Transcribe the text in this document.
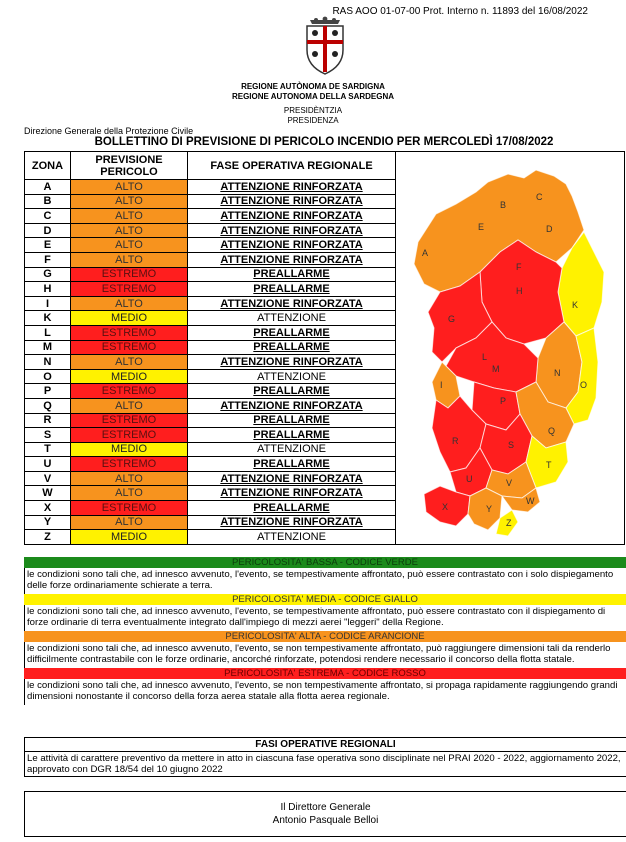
RAS AOO 01-07-00 Prot. Interno n. 11893 del 16/08/2022
REGIONE AUTÒNOMA DE SARDIGNA
REGIONE AUTONOMA DELLA SARDEGNA
PRESIDÈNTZIA
PRESIDENZA
Direzione Generale della Protezione Civile
BOLLETTINO DI PREVISIONE DI PERICOLO INCENDIO PER MERCOLEDÌ 17/08/2022
ZONA	PREVISIONE PERICOLO	FASE OPERATIVA REGIONALE
A	ALTO	ATTENZIONE RINFORZATA
B	ALTO	ATTENZIONE RINFORZATA
C	ALTO	ATTENZIONE RINFORZATA
D	ALTO	ATTENZIONE RINFORZATA
E	ALTO	ATTENZIONE RINFORZATA
F	ALTO	ATTENZIONE RINFORZATA
G	ESTREMO	PREALLARME
H	ESTREMO	PREALLARME
I	ALTO	ATTENZIONE RINFORZATA
K	MEDIO	ATTENZIONE
L	ESTREMO	PREALLARME
M	ESTREMO	PREALLARME
N	ALTO	ATTENZIONE RINFORZATA
O	MEDIO	ATTENZIONE
P	ESTREMO	PREALLARME
Q	ALTO	ATTENZIONE RINFORZATA
R	ESTREMO	PREALLARME
S	ESTREMO	PREALLARME
T	MEDIO	ATTENZIONE
U	ESTREMO	PREALLARME
V	ALTO	ATTENZIONE RINFORZATA
W	ALTO	ATTENZIONE RINFORZATA
X	ESTREMO	PREALLARME
Y	ALTO	ATTENZIONE RINFORZATA
Z	MEDIO	ATTENZIONE
A
B
C
D
E
F
G
H
I
K
L
M	N
O
P
Q
R	S
T
U	V
W
X	Y
Z
PERICOLOSITA' BASSA - CODICE VERDE
le condizioni sono tali che, ad innesco avvenuto, l'evento, se tempestivamente affrontato, può essere contrastato con i solo dispiegamento delle forze ordinariamente schierate a terra.
PERICOLOSITA' MEDIA - CODICE GIALLO
le condizioni sono tali che, ad innesco avvenuto, l'evento, se tempestivamente affrontato, può essere contrastato con il dispiegamento di forze ordinarie di terra eventualmente integrato dall'impiego di mezzi aerei "leggeri" della Regione.
PERICOLOSITA' ALTA - CODICE ARANCIONE
le condizioni sono tali che, ad innesco avvenuto, l'evento, se non tempestivamente affrontato, può raggiungere dimensioni tali da renderlo difficilmente contrastabile con le forze ordinarie, ancorché rinforzate, potendosi rendere necessario il concorso della flotta statale.
PERICOLOSITA' ESTREMA - CODICE ROSSO
le condizioni sono tali che, ad innesco avvenuto, l'evento, se non tempestivamente affrontato, si propaga rapidamente raggiungendo grandi dimensioni nonostante il concorso della forza aerea statale alla flotta aerea regionale.
FASI OPERATIVE REGIONALI
Le attività di carattere preventivo da mettere in atto in ciascuna fase operativa sono disciplinate nel PRAI 2020 - 2022, aggiornamento 2022, approvato con DGR 18/54 del 10 giugno 2022
Il Direttore Generale
Antonio Pasquale Belloi
